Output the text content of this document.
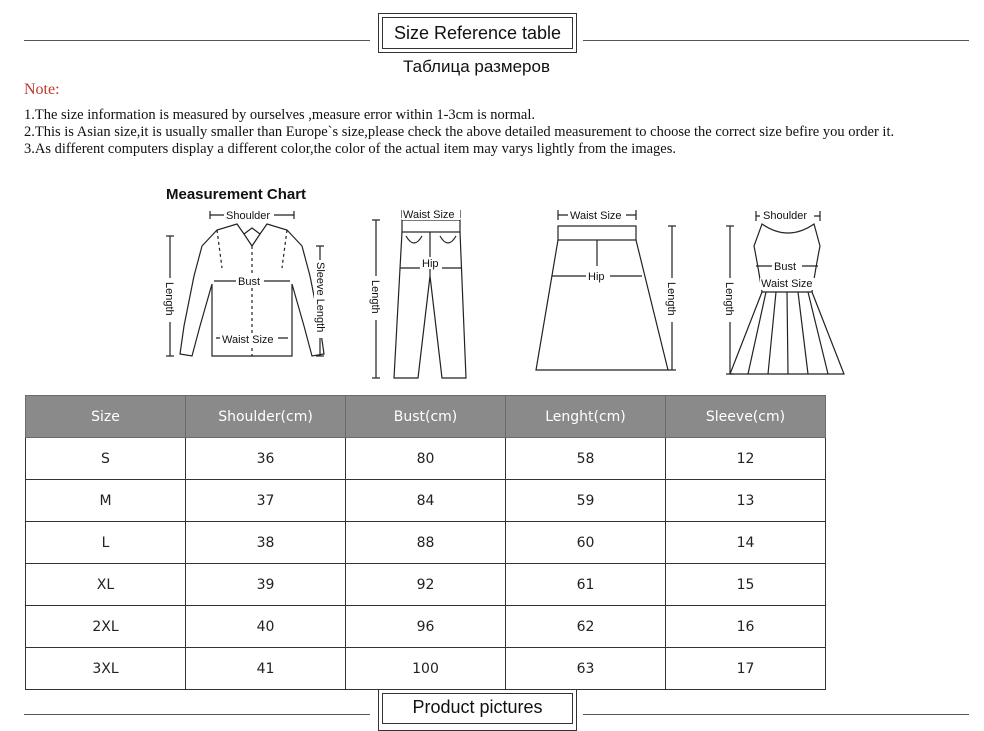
Size Reference table
Таблица размеров
Note:

1.The size information is measured by ourselves ,measure error within 1-3cm is normal.

2.This is Asian size,it is usually smaller than Europe`s size,please check the above detailed measurement to choose the correct size befire you order it.

3.As different computers display a different color,the color of the actual item may varys lightly from the images.

Measurement Chart
Shoulder
Bust
Waist Size
Length	Sleeve Length
Waist Size
Hip
Length
Waist Size
Hip
Length
Shoulder
Bust
Waist Size
Length
Size	Shoulder(cm)	Bust(cm)	Lenght(cm)	Sleeve(cm)
S	36	80	58	12
M	37	84	59	13
L	38	88	60	14
XL	39	92	61	15
2XL	40	96	62	16
3XL	41	100	63	17
Product pictures
